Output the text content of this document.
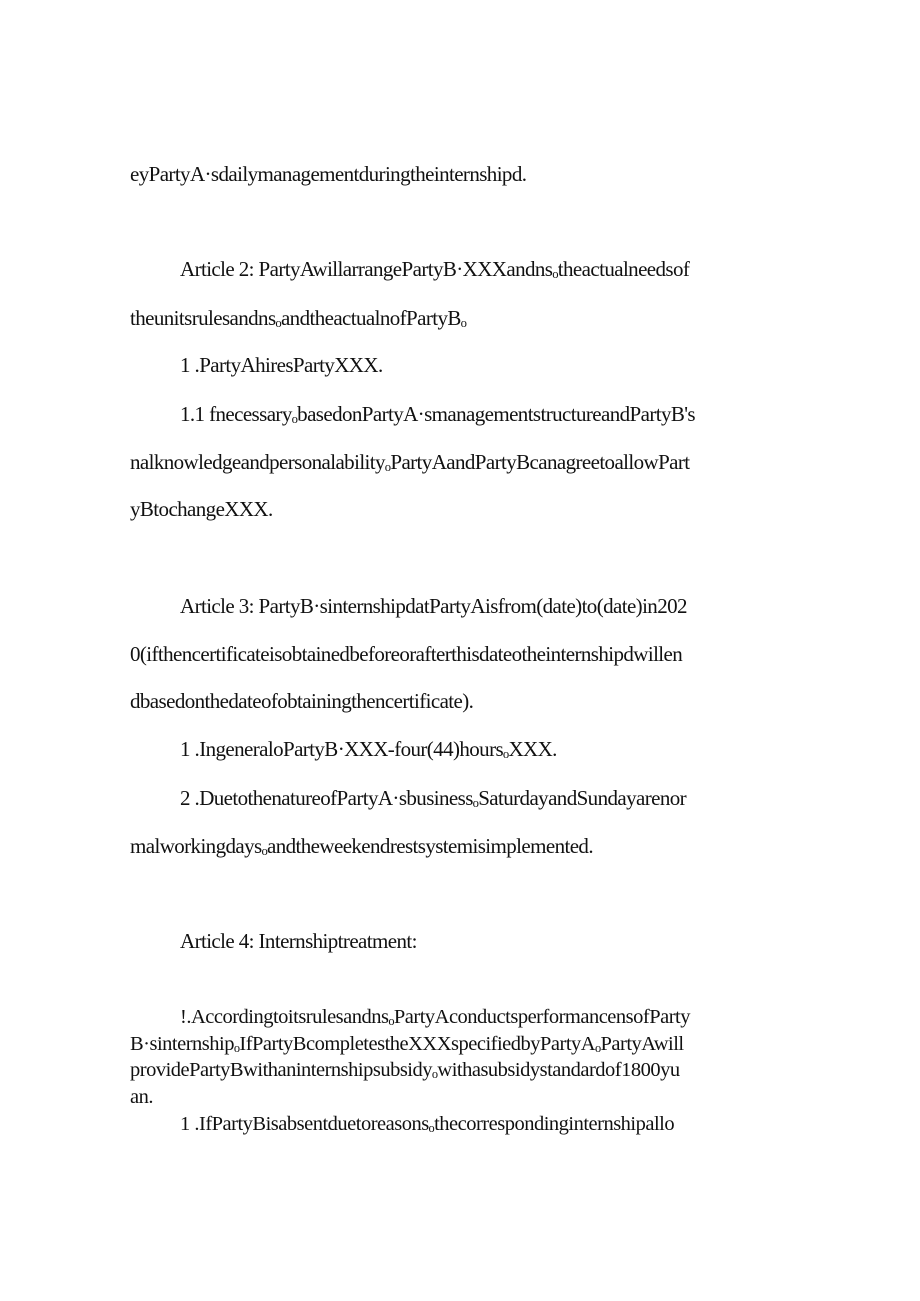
eyPartyA·sdailymanagementduringtheinternshipd.
Article 2: PartyAwillarrangePartyB·XXXandnsₒtheactualneedsof
theunitsrulesandnsₒandtheactualnofPartyBₒ
1 .PartyAhiresPartyXXX.
1.1 fnecessaryₒbasedonPartyA·smanagementstructureandPartyB's
nalknowledgeandpersonalabilityₒPartyAandPartyBcanagreetoallowPart
yBtochangeXXX.
Article 3: PartyB·sinternshipdatPartyAisfrom(date)to(date)in202
0(ifthencertificateisobtainedbeforeorafterthisdateotheinternshipdwillen
dbasedonthedateofobtainingthencertificate).
1 .IngeneraloPartyB·XXX-four(44)hoursₒXXX.
2 .DuetothenatureofPartyA·sbusinessₒSaturdayandSundayarenor
malworkingdaysₒandtheweekendrestsystemisimplemented.
Article 4: Internshiptreatment:
!.AccordingtoitsrulesandnsₒPartyAconductsperformancensofParty
B·sinternshipₒIfPartyBcompletestheXXXspecifiedbyPartyAₒPartyAwill
providePartyBwithaninternshipsubsidyₒwithasubsidystandardof1800yu
an.
1 .IfPartyBisabsentduetoreasonsₒthecorrespondinginternshipallo
